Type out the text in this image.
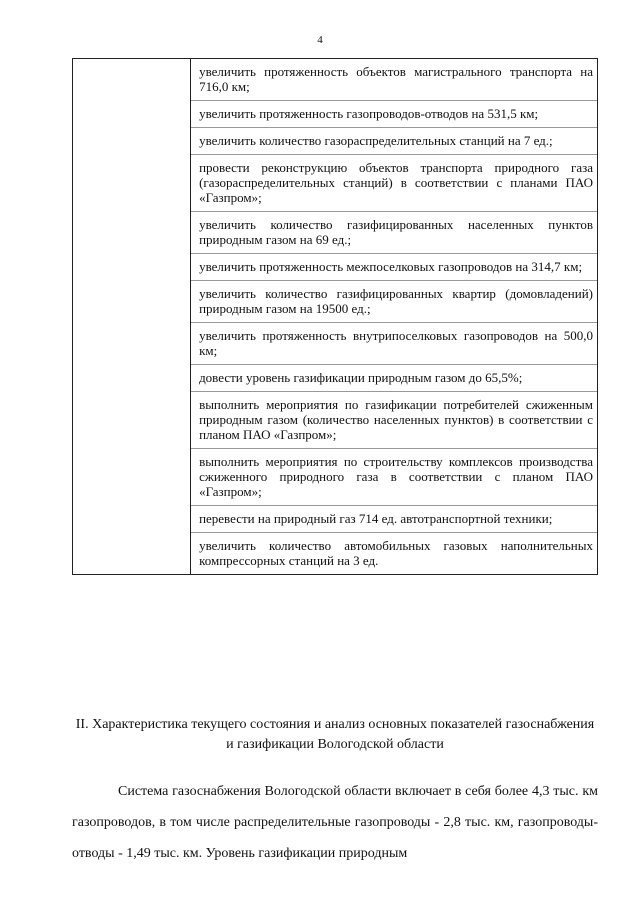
4

увеличить протяженность объектов магистрального транспорта на 716,0 км;
увеличить протяженность газопроводов-отводов на 531,5 км;
увеличить количество газораспределительных станций на 7 ед.;
провести реконструкцию объектов транспорта природного газа (газораспределительных станций) в соответствии с планами ПАО «Газпром»;
увеличить количество газифицированных населенных пунктов природным газом на 69 ед.;
увеличить протяженность межпоселковых газопроводов на 314,7 км;
увеличить количество газифицированных квартир (домовладений) природным газом на 19500 ед.;
увеличить протяженность внутрипоселковых газопроводов на 500,0 км;
довести уровень газификации природным газом до 65,5%;
выполнить мероприятия по газификации потребителей сжиженным природным газом (количество населенных пунктов) в соответствии с планом ПАО «Газпром»;
выполнить мероприятия по строительству комплексов производства сжиженного природного газа в соответствии с планом ПАО «Газпром»;
перевести на природный газ 714 ед. автотранспортной техники;
увеличить количество автомобильных газовых наполнительных компрессорных станций на 3 ед.
II. Характеристика текущего состояния и анализ основных показателей газоснабжения и газификации Вологодской области
Система газоснабжения Вологодской области включает в себя более 4,3 тыс. км газопроводов, в том числе распределительные газопроводы - 2,8 тыс. км, газопроводы-отводы - 1,49 тыс. км. Уровень газификации природным
